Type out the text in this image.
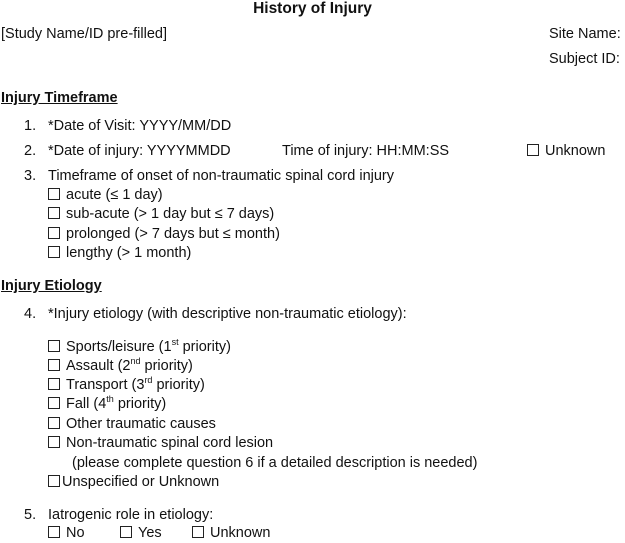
History of Injury
[Study Name/ID pre-filled]	Site Name:
Subject ID:
Injury Timeframe
1. *Date of Visit: YYYY/MM/DD
2. *Date of injury: YYYYMMDD	Time of injury: HH:MM:SS	Unknown
3. Timeframe of onset of non-traumatic spinal cord injury
acute (≤ 1 day)
sub-acute (> 1 day but ≤ 7 days)
prolonged (> 7 days but ≤ month)
lengthy (> 1 month)
Injury Etiology
4. *Injury etiology (with descriptive non-traumatic etiology):
Sports/leisure (1st priority)
Assault (2nd priority)
Transport (3rd priority)
Fall (4th priority)
Other traumatic causes
Non-traumatic spinal cord lesion
(please complete question 6 if a detailed description is needed)
Unspecified or Unknown
5. Iatrogenic role in etiology:
No	Yes	Unknown
